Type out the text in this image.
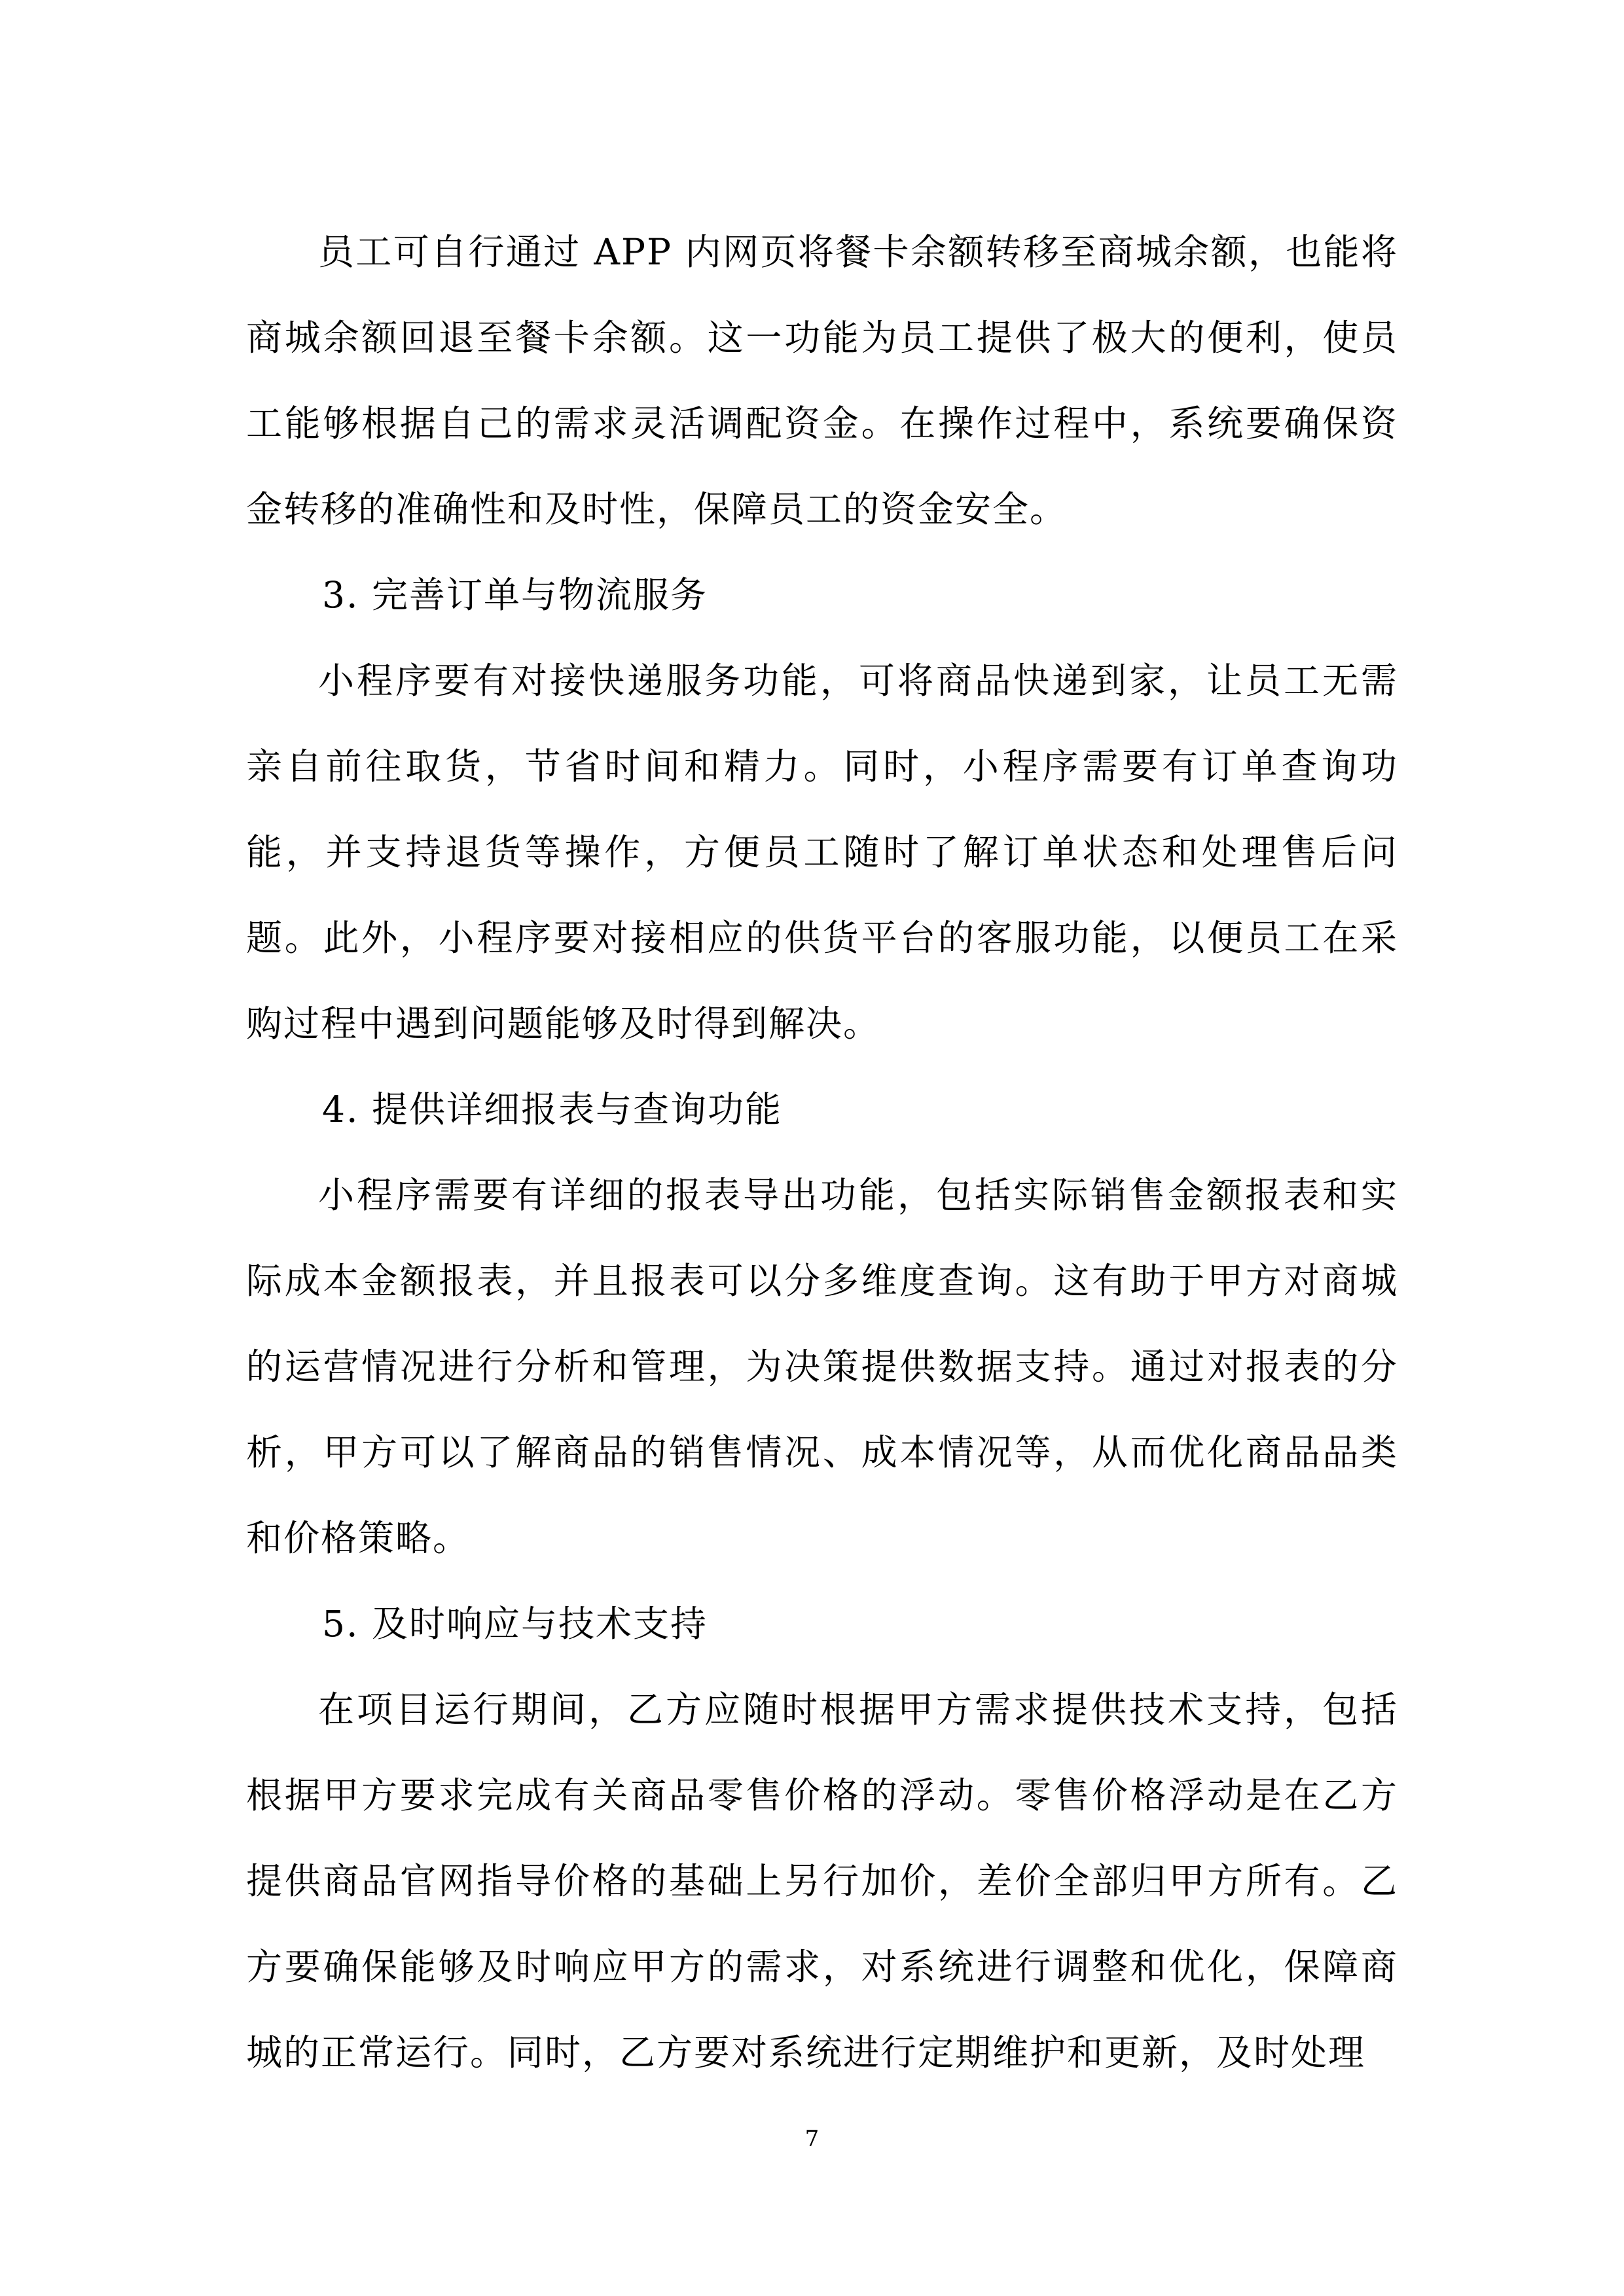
员工可自行通过 APP 内网页将餐卡余额转移至商城余额，也能将商城余额回退至餐卡余额。这一功能为员工提供了极大的便利，使员工能够根据自己的需求灵活调配资金。在操作过程中，系统要确保资金转移的准确性和及时性，保障员工的资金安全。

3. 完善订单与物流服务

小程序要有对接快递服务功能，可将商品快递到家，让员工无需亲自前往取货，节省时间和精力。同时，小程序需要有订单查询功能，并支持退货等操作，方便员工随时了解订单状态和处理售后问题。此外，小程序要对接相应的供货平台的客服功能，以便员工在采购过程中遇到问题能够及时得到解决。

4. 提供详细报表与查询功能

小程序需要有详细的报表导出功能，包括实际销售金额报表和实际成本金额报表，并且报表可以分多维度查询。这有助于甲方对商城的运营情况进行分析和管理，为决策提供数据支持。通过对报表的分析，甲方可以了解商品的销售情况、成本情况等，从而优化商品品类和价格策略。

5. 及时响应与技术支持

在项目运行期间，乙方应随时根据甲方需求提供技术支持，包括根据甲方要求完成有关商品零售价格的浮动。零售价格浮动是在乙方提供商品官网指导价格的基础上另行加价，差价全部归甲方所有。乙方要确保能够及时响应甲方的需求，对系统进行调整和优化，保障商城的正常运行。同时，乙方要对系统进行定期维护和更新，及时处理

7
